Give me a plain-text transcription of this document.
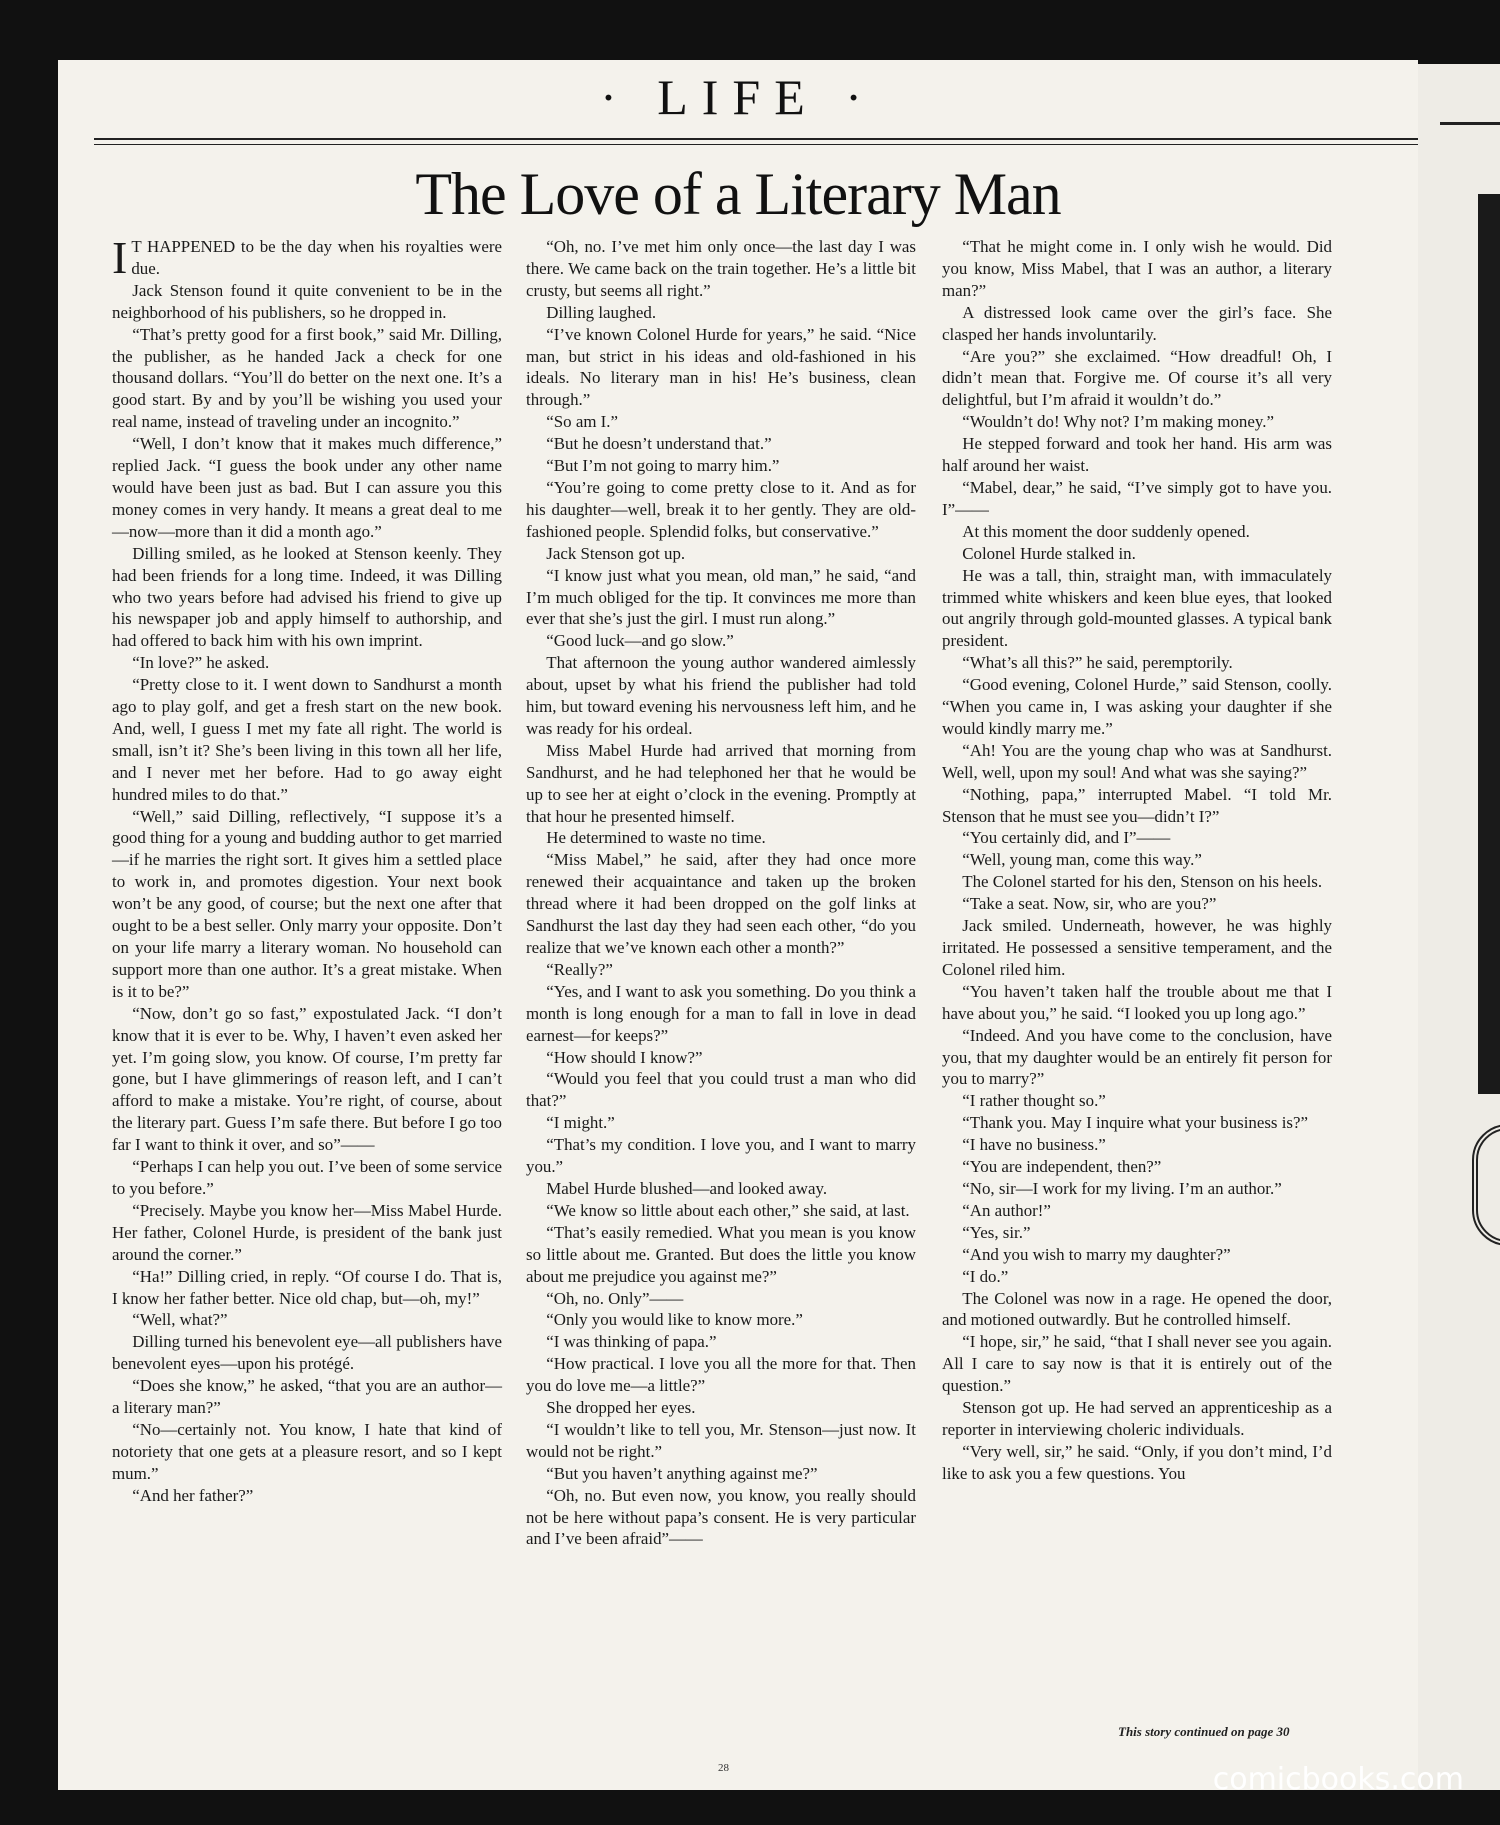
· LIFE ·
The Love of a Literary Man
I T HAPPENED to be the day when his royalties were due.

Jack Stenson found it quite convenient to be in the neighborhood of his publishers, so he dropped in.

“That’s pretty good for a first book,” said Mr. Dilling, the publisher, as he handed Jack a check for one thousand dollars. “You’ll do better on the next one. It’s a good start. By and by you’ll be wishing you used your real name, instead of traveling under an incognito.”

“Well, I don’t know that it makes much difference,” replied Jack. “I guess the book under any other name would have been just as bad. But I can assure you this money comes in very handy. It means a great deal to me—now—more than it did a month ago.”

Dilling smiled, as he looked at Stenson keenly. They had been friends for a long time. Indeed, it was Dilling who two years before had advised his friend to give up his newspaper job and apply himself to authorship, and had offered to back him with his own imprint.

“In love?” he asked.

“Pretty close to it. I went down to Sandhurst a month ago to play golf, and get a fresh start on the new book. And, well, I guess I met my fate all right. The world is small, isn’t it? She’s been living in this town all her life, and I never met her before. Had to go away eight hundred miles to do that.”

“Well,” said Dilling, reflectively, “I suppose it’s a good thing for a young and budding author to get married—if he marries the right sort. It gives him a settled place to work in, and promotes digestion. Your next book won’t be any good, of course; but the next one after that ought to be a best seller. Only marry your opposite. Don’t on your life marry a literary woman. No household can support more than one author. It’s a great mistake. When is it to be?”

“Now, don’t go so fast,” expostulated Jack. “I don’t know that it is ever to be. Why, I haven’t even asked her yet. I’m going slow, you know. Of course, I’m pretty far gone, but I have glimmerings of reason left, and I can’t afford to make a mistake. You’re right, of course, about the literary part. Guess I’m safe there. But before I go too far I want to think it over, and so”——

“Perhaps I can help you out. I’ve been of some service to you before.”

“Precisely. Maybe you know her—Miss Mabel Hurde. Her father, Colonel Hurde, is president of the bank just around the corner.”

“Ha!” Dilling cried, in reply. “Of course I do. That is, I know her father better. Nice old chap, but—oh, my!”

“Well, what?”

Dilling turned his benevolent eye—all publishers have benevolent eyes—upon his protégé.

“Does she know,” he asked, “that you are an author—a literary man?”

“No—certainly not. You know, I hate that kind of notoriety that one gets at a pleasure resort, and so I kept mum.”

“And her father?”

“Oh, no. I’ve met him only once—the last day I was there. We came back on the train together. He’s a little bit crusty, but seems all right.”

Dilling laughed.

“I’ve known Colonel Hurde for years,” he said. “Nice man, but strict in his ideas and old-fashioned in his ideals. No literary man in his! He’s business, clean through.”

“So am I.”

“But he doesn’t understand that.”

“But I’m not going to marry him.”

“You’re going to come pretty close to it. And as for his daughter—well, break it to her gently. They are old-fashioned people. Splendid folks, but conservative.”

Jack Stenson got up.

“I know just what you mean, old man,” he said, “and I’m much obliged for the tip. It convinces me more than ever that she’s just the girl. I must run along.”

“Good luck—and go slow.”

That afternoon the young author wandered aimlessly about, upset by what his friend the publisher had told him, but toward evening his nervousness left him, and he was ready for his ordeal.

Miss Mabel Hurde had arrived that morning from Sandhurst, and he had telephoned her that he would be up to see her at eight o’clock in the evening. Promptly at that hour he presented himself.

He determined to waste no time.

“Miss Mabel,” he said, after they had once more renewed their acquaintance and taken up the broken thread where it had been dropped on the golf links at Sandhurst the last day they had seen each other, “do you realize that we’ve known each other a month?”

“Really?”

“Yes, and I want to ask you something. Do you think a month is long enough for a man to fall in love in dead earnest—for keeps?”

“How should I know?”

“Would you feel that you could trust a man who did that?”

“I might.”

“That’s my condition. I love you, and I want to marry you.”

Mabel Hurde blushed—and looked away.

“We know so little about each other,” she said, at last.

“That’s easily remedied. What you mean is you know so little about me. Granted. But does the little you know about me prejudice you against me?”

“Oh, no. Only”——

“Only you would like to know more.”

“I was thinking of papa.”

“How practical. I love you all the more for that. Then you do love me—a little?”

She dropped her eyes.

“I wouldn’t like to tell you, Mr. Stenson—just now. It would not be right.”

“But you haven’t anything against me?”

“Oh, no. But even now, you know, you really should not be here without papa’s consent. He is very particular and I’ve been afraid”——

“That he might come in. I only wish he would. Did you know, Miss Mabel, that I was an author, a literary man?”

A distressed look came over the girl’s face. She clasped her hands involuntarily.

“Are you?” she exclaimed. “How dreadful! Oh, I didn’t mean that. Forgive me. Of course it’s all very delightful, but I’m afraid it wouldn’t do.”

“Wouldn’t do! Why not? I’m making money.”

He stepped forward and took her hand. His arm was half around her waist.

“Mabel, dear,” he said, “I’ve simply got to have you. I”——

At this moment the door suddenly opened.

Colonel Hurde stalked in.

He was a tall, thin, straight man, with immaculately trimmed white whiskers and keen blue eyes, that looked out angrily through gold-mounted glasses. A typical bank president.

“What’s all this?” he said, peremptorily.

“Good evening, Colonel Hurde,” said Stenson, coolly. “When you came in, I was asking your daughter if she would kindly marry me.”

“Ah! You are the young chap who was at Sandhurst. Well, well, upon my soul! And what was she saying?”

“Nothing, papa,” interrupted Mabel. “I told Mr. Stenson that he must see you—didn’t I?”

“You certainly did, and I”——

“Well, young man, come this way.”

The Colonel started for his den, Stenson on his heels.

“Take a seat. Now, sir, who are you?”

Jack smiled. Underneath, however, he was highly irritated. He possessed a sensitive temperament, and the Colonel riled him.

“You haven’t taken half the trouble about me that I have about you,” he said. “I looked you up long ago.”

“Indeed. And you have come to the conclusion, have you, that my daughter would be an entirely fit person for you to marry?”

“I rather thought so.”

“Thank you. May I inquire what your business is?”

“I have no business.”

“You are independent, then?”

“No, sir—I work for my living. I’m an author.”

“An author!”

“Yes, sir.”

“And you wish to marry my daughter?”

“I do.”

The Colonel was now in a rage. He opened the door, and motioned outwardly. But he controlled himself.

“I hope, sir,” he said, “that I shall never see you again. All I care to say now is that it is entirely out of the question.”

Stenson got up. He had served an apprenticeship as a reporter in interviewing choleric individuals.

“Very well, sir,” he said. “Only, if you don’t mind, I’d like to ask you a few questions. You

This story continued on page 30
28	comicbooks.com
